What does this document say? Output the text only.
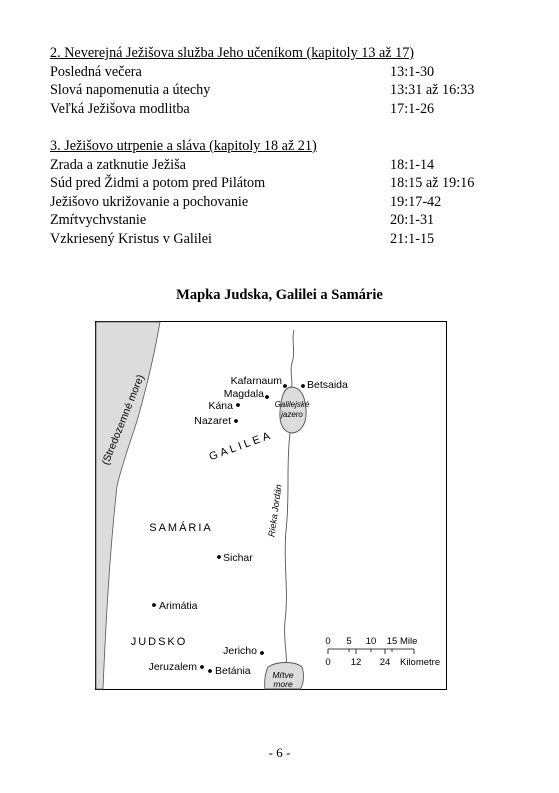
2. Neverejná Ježišova služba Jeho učeníkom (kapitoly 13 až 17)
Posledná večera	13:1-30
Slová napomenutia a útechy	13:31 až 16:33
Veľká Ježišova modlitba	17:1-26
3. Ježišovo utrpenie a sláva (kapitoly 18 až 21)
Zrada a zatknutie Ježiša	18:1-14
Súd pred Židmi a potom pred Pilátom	18:15 až 19:16
Ježišovo ukrižovanie a pochovanie	19:17-42
Zmŕtvychvstanie	20:1-31
Vzkriesený Kristus v Galilei	21:1-15
Mapka Judska, Galilei a Samárie
(Stredozemné more)	Galilejské
jazero
Rieka Jordán
Mŕtve
more
GALILEA
SAMÁRIA
JUDSKO
Kafarnaum
Magdala
Betsaida
Kána
Nazaret
Sichar
Arimátia
Jericho
Jeruzalem Betánia
0 5 10 15 Mile
0 12 24 Kilometre
- 6 -
